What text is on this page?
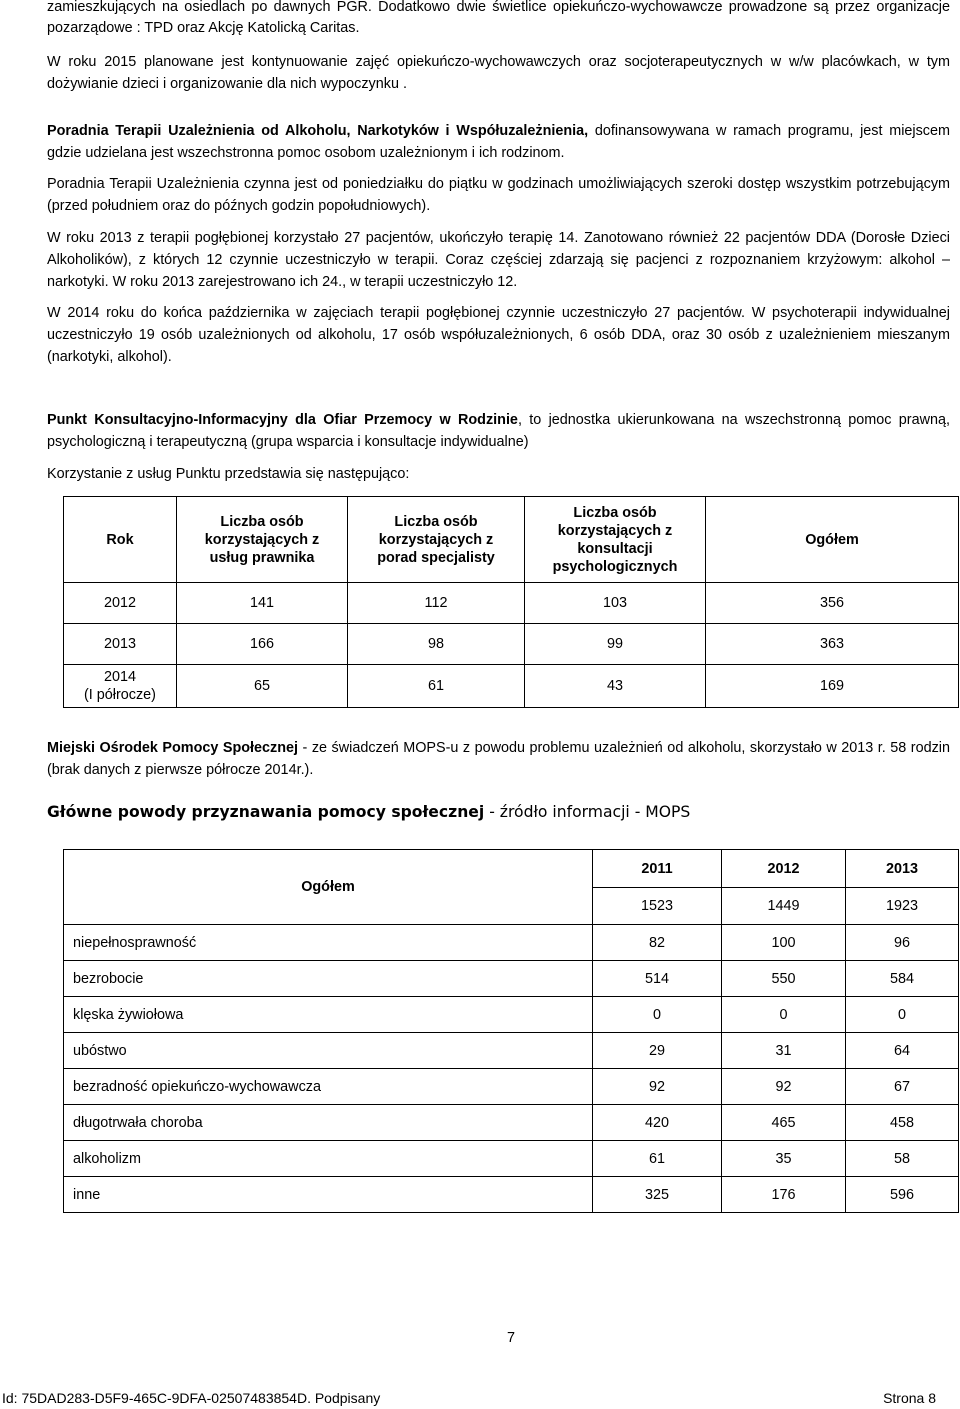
zamieszkujących na osiedlach po dawnych PGR. Dodatkowo dwie świetlice opiekuńczo-wychowawcze prowadzone są przez organizacje pozarządowe : TPD oraz Akcję Katolicką Caritas.

W roku 2015 planowane jest kontynuowanie zajęć opiekuńczo-wychowawczych oraz socjoterapeutycznych w w/w placówkach, w tym dożywianie dzieci i organizowanie dla nich wypoczynku .

Poradnia Terapii Uzależnienia od Alkoholu, Narkotyków i Współuzależnienia, dofinansowywana w ramach programu, jest miejscem gdzie udzielana jest wszechstronna pomoc osobom uzależnionym i ich rodzinom.

Poradnia Terapii Uzależnienia czynna jest od poniedziałku do piątku w godzinach umożliwiających szeroki dostęp wszystkim potrzebującym (przed południem oraz do późnych godzin popołudniowych).

W roku 2013 z terapii pogłębionej korzystało 27 pacjentów, ukończyło terapię 14. Zanotowano również 22 pacjentów DDA (Dorosłe Dzieci Alkoholików), z których 12 czynnie uczestniczyło w terapii. Coraz częściej zdarzają się pacjenci z rozpoznaniem krzyżowym: alkohol –narkotyki. W roku 2013 zarejestrowano ich 24., w terapii uczestniczyło 12.

W 2014 roku do końca października w zajęciach terapii pogłębionej czynnie uczestniczyło 27 pacjentów. W psychoterapii indywidualnej uczestniczyło 19 osób uzależnionych od alkoholu, 17 osób współuzależnionych, 6 osób DDA, oraz 30 osób z uzależnieniem mieszanym (narkotyki, alkohol).

Punkt Konsultacyjno-Informacyjny dla Ofiar Przemocy w Rodzinie, to jednostka ukierunkowana na wszechstronną pomoc prawną, psychologiczną i terapeutyczną (grupa wsparcia i konsultacje indywidualne)

Korzystanie z usług Punktu przedstawia się następująco:

Rok	Liczba osób korzystających z usług prawnika	Liczba osób korzystających z porad specjalisty	Liczba osób korzystających z konsultacji psychologicznych	Ogółem
2012	141	112	103	356
2013	166	98	99	363

2014
(I półrocze)	65	61	43	169

Miejski Ośrodek Pomocy Społecznej - ze świadczeń MOPS-u z powodu problemu uzależnień od alkoholu, skorzystało w 2013 r. 58 rodzin (brak danych z pierwsze półrocze 2014r.).

Główne powody przyznawania pomocy społecznej - źródło informacji - MOPS

Ogółem	2011	2012	2013
	1523	1449	1923
niepełnosprawność	82	100	96
bezrobocie	514	550	584
klęska żywiołowa	0	0	0
ubóstwo	29	31	64
bezradność opiekuńczo-wychowawcza	92	92	67
długotrwała choroba	420	465	458
alkoholizm	61	35	58
inne	325	176	596
7
Id: 75DAD283-D5F9-465C-9DFA-02507483854D. Podpisany	Strona 8
